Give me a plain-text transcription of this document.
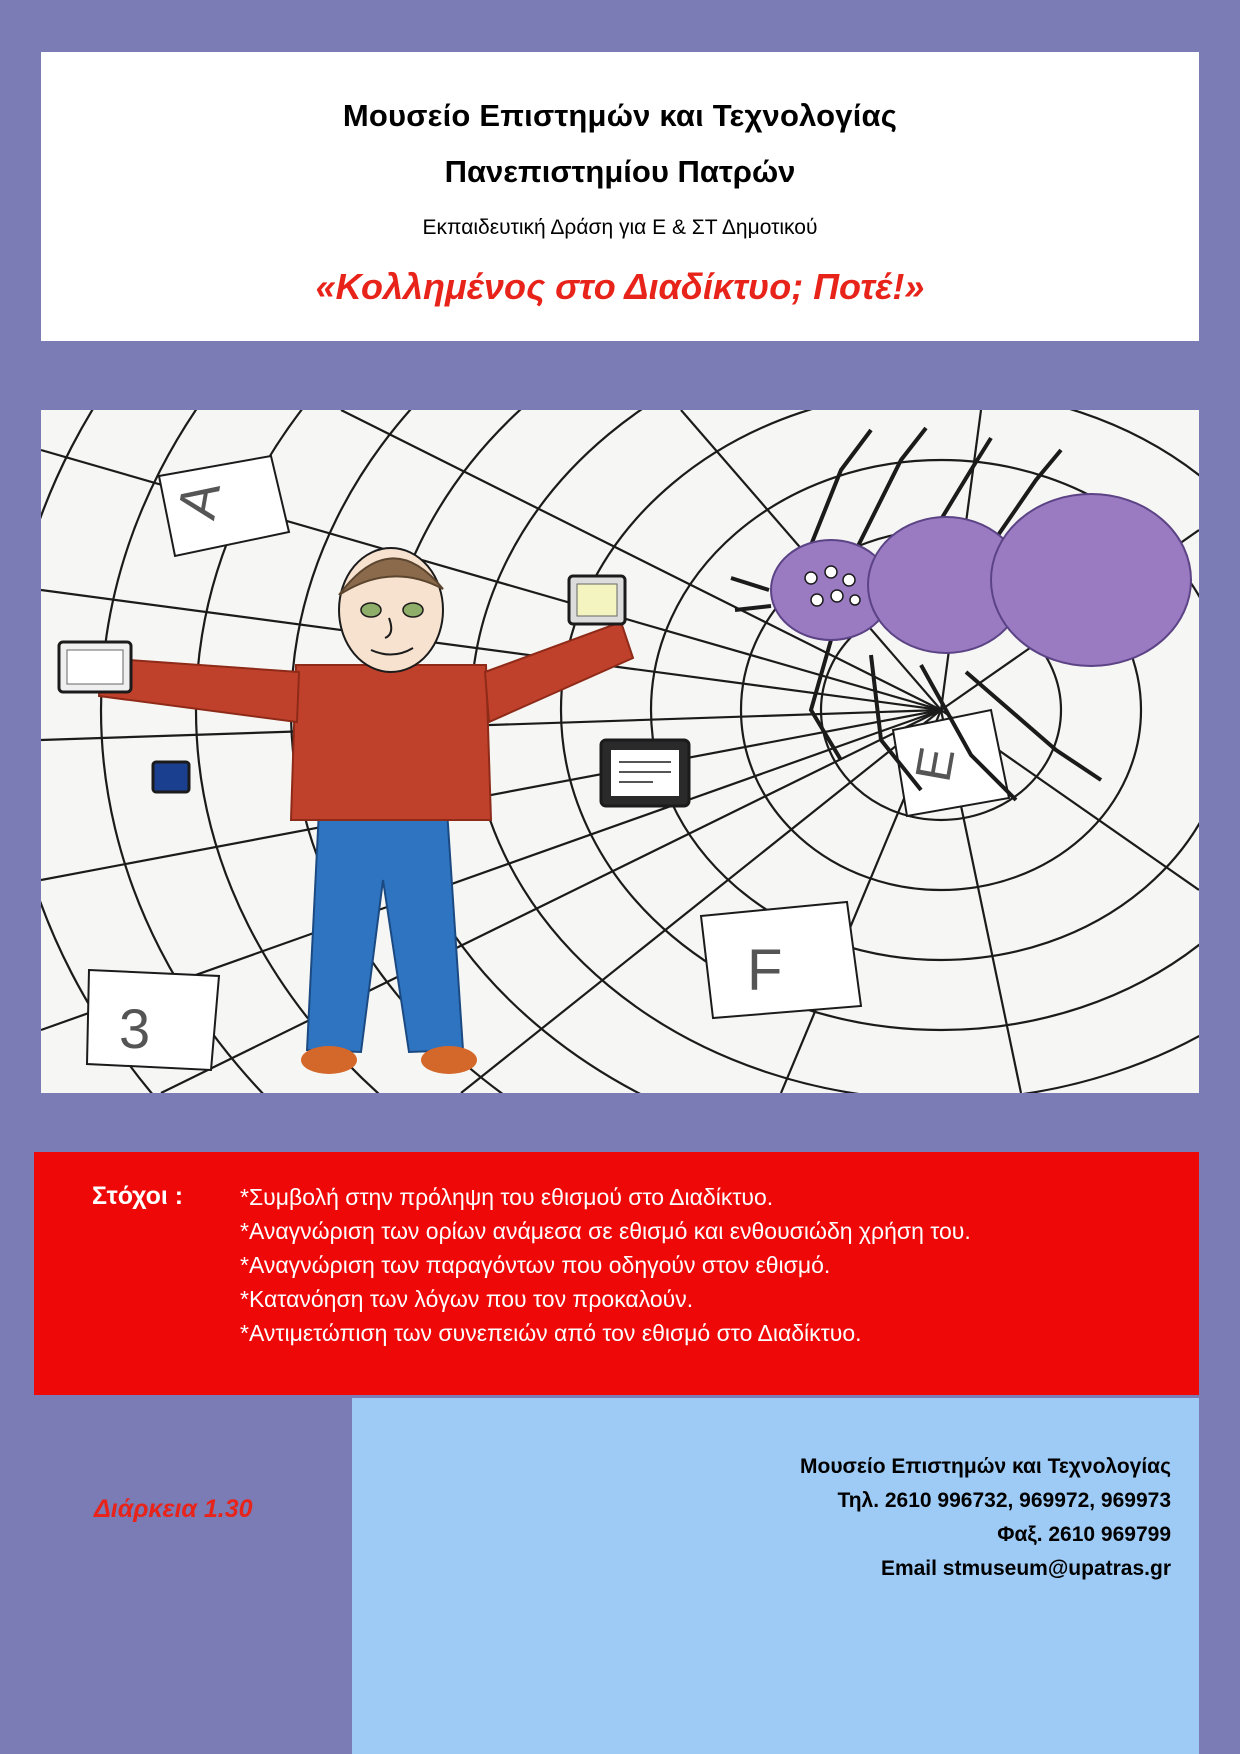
Μουσείο Επιστημών και Τεχνολογίας
Πανεπιστημίου Πατρών
Εκπαιδευτική Δράση για Ε & ΣΤ Δημοτικού
«Κολλημένος στο Διαδίκτυο; Ποτέ!»
A
3
E
F
Στόχοι :	*Συμβολή στην πρόληψη του εθισμού στο Διαδίκτυο.
*Αναγνώριση των ορίων ανάμεσα σε εθισμό και ενθουσιώδη χρήση του.
*Αναγνώριση των παραγόντων που οδηγούν στον εθισμό.
*Κατανόηση των λόγων που τον προκαλούν.
*Αντιμετώπιση των συνεπειών από τον εθισμό στο Διαδίκτυο.
Μουσείο Επιστημών και Τεχνολογίας
Τηλ. 2610 996732, 969972, 969973
Φαξ. 2610 969799
Email stmuseum@upatras.gr
Διάρκεια 1.30
